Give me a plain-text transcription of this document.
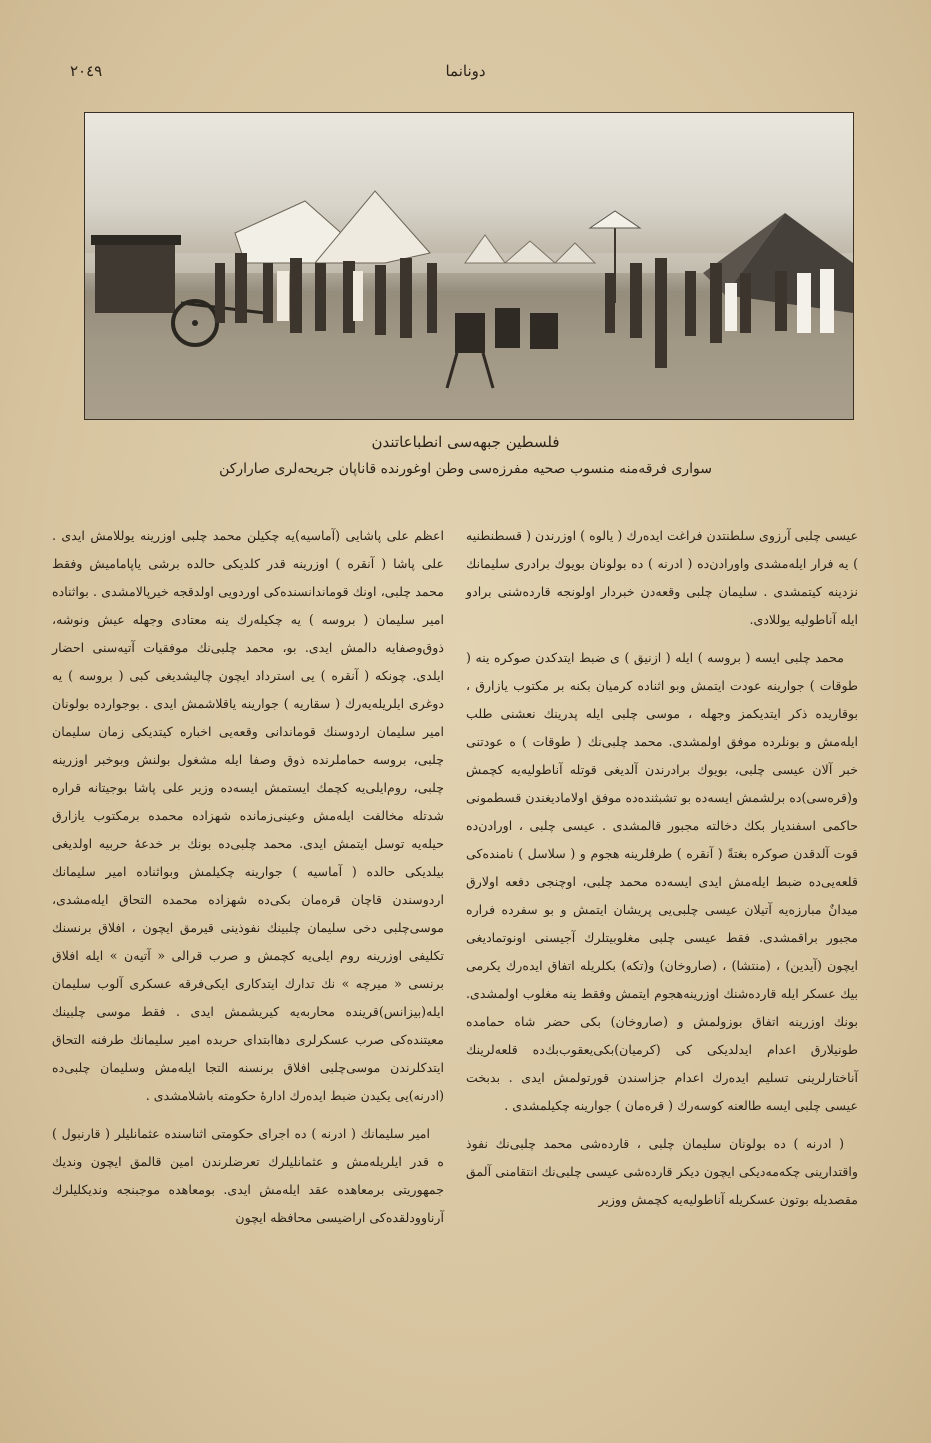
٢٠٤٩	دونانما
فلسطين جبهه‌سى انطباعاتندن
سوارى فرقه‌منه منسوب صحيه مفرزه‌سى وطن اوغورنده قاناپان جريحه‌لرى صارارکن

عيسى چلبى آرزوى سلطنتدن فراغت ايده‌رك ( يالوه ) اوزرندن ( قسطنطنيه ) يه فرار ايله‌مشدى واورادن‌ده ( ادرنه ) ده بولونان بويوك برادرى سليمانك نزدينه کيتمشدى . سليمان چلبى وقعه‌دن خبردار اولونجه قارده‌شنى برادو ايله آناطوليه يوللادى.

محمد چلبى ايسه ( بروسه ) ايله ( ازنيق ) ى ضبط ايتدكدن صوكره ينه ( طوقات ) جوارينه عودت ايتمش وبو اثناده کرميان بكنه بر مكتوب يازارق ، بوقاريده ذكر ايتديكمز وجهله ، موسى چلبى ايله پدرينك نعشنى طلب ايله‌مش و بونلرده موفق اولمشدى. محمد چلبى‌نك ( طوقات ) ه عودتنى خبر آلان عيسى چلبى، بويوك برادرندن آلديغى قوتله آناطوليه‌يه كچمش و(قره‌سى)ده برلشمش ايسه‌ده بو تشبثنده‌ده موفق اولاماديغندن قسطمونى حاكمى اسفنديار بكك دخالته مجبور قالمشدى . عيسى چلبى ، اورادن‌ده قوت آلدقدن صوکره بغتةً ( آنقره ) طرفلرينه هجوم و ( سلاسل ) نامنده‌كى قلعه‌یی‌ده ضبط ايله‌مش ايدى ايسه‌ده محمد چلبى، اوچنجى دفعه اولارق ميدانٌ مبارزه‌يه آتيلان عيسى چلبى‌يى پريشان ايتمش و بو سفرده فراره مجبور براقمشدى. فقط عيسى چلبى مغلوبيتلرك آجيسنى اونوتماديغى ايچون (آيدين) ، (منتشا) ، (صاروخان) و(تكه) بكلريله اتفاق ايده‌رك يكرمى بيك عسكر ايله قارده‌شنك اوزرينه‌هجوم ايتمش وفقط ينه مغلوب اولمشدى. بونك اوزرينه اتفاق بوزولمش و (صاروخان) بكى حضر شاه حمامده طونيلارق اعدام ايدلديكى كى (كرميان)بكى‌يعقوب‌بك‌ده قلعه‌لرينك آناختارلرينى تسليم ايده‌رك اعدام جزاسندن قورتولمش ايدى . بدبخت عيسى چلبى ايسه طالعنه کوسه‌رك ( قره‌مان ) جوارينه چكيلمشدى .

( ادرنه ) ده بولونان سليمان چلبى ، قارده‌شى محمد چلبى‌نك نفوذ واقتدارينى چكه‌مه‌ديكى ايچون ديكر قارده‌شى عيسى چلبى‌نك انتقامنى آلمق مقصديله بوتون عسكريله آناطوليه‌يه كچمش ووزير

اعظم على پاشايى (آماسيه)يه چكيلن محمد چلبى اوزرينه يوللامش ايدى . على پاشا ( آنقره ) اوزرينه قدر کلديكى حالده برشى ياپاماميش وفقط محمد چلبى، اونك قوماندانسنده‌كى اوردويى اولدقجه خيرپالامشدى . بواثناده امير سليمان ( بروسه ) يه چكيله‌رك ينه معتادى وجهله عيش ونوشه، ذوق‌وصفايه دالمش ايدى. بو، محمد چلبى‌نك موفقيات آتيه‌سنى احضار ايلدى. چونكه ( آنقره ) يى استرداد ايچون چاليشديغى كبى ( بروسه ) يه دوغرى ايلريله‌يه‌رك ( سقاريه ) جوارينه ياقلاشمش ايدى . بوجوارده بولونان امير سليمان اردوسنك قوماندانى وقعه‌يى اخباره كيتديكى زمان سليمان چلبى، بروسه حماملرنده ذوق وصفا ايله مشغول بولنش وبوخبر اوزرينه چلبى، روم‌ايلى‌يه كچمك ايستمش ايسه‌ده وزير على پاشا بوجيتانه قراره شدتله مخالفت ايله‌مش وعينى‌زمانده شهزاده محمده برمكتوب يازارق حيله‌يه توسل ايتمش ايدى. محمد چلبى‌ده بونك بر خدعهٔ حربيه اولديغى بيلديكى حالده ( آماسيه ) جوارينه چكيلمش وبواثناده امير سليمانك اردوسندن قاچان قره‌مان بكى‌ده شهزاده محمده التحاق ايله‌مشدى، موسى‌چلبى دخى سليمان چلبينك نفوذينى قيرمق ايچون ، افلاق برنسنك تكليفى اوزرينه روم ايلى‌يه كچمش و صرب قرالى « آتيه‌ن » ايله افلاق برنسى « ميرچه » نك تدارك ايتدكارى ايكى‌فرقه عسكرى آلوب سليمان ايله(بيزانس)قرينده محاربه‌يه كيريشمش ايدى . فقط موسى چلبينك معيتنده‌كى صرب عسكرلرى دهاابتدای حربده امير سليمانك طرفنه التحاق ايتدكلرندن موسى‌چلبى افلاق برنسنه التجا ايله‌مش وسليمان چلبى‌ده (ادرنه)يى يكيدن ضبط ايده‌رك ادارهٔ حكومته باشلامشدى .

امير سليمانك ( ادرنه ) ده اجراى حكومتى اثناسنده عثمانليلر ( قارنبول ) ه قدر ايلريله‌مش و عثمانليلرك تعرضلرندن امين قالمق ايچون ونديك جمهوريتى برمعاهده عقد ايله‌مش ايدى. بومعاهده موجبنجه ونديكليلرك آرناوودلقده‌كى اراضيسى محافظه ايچون
